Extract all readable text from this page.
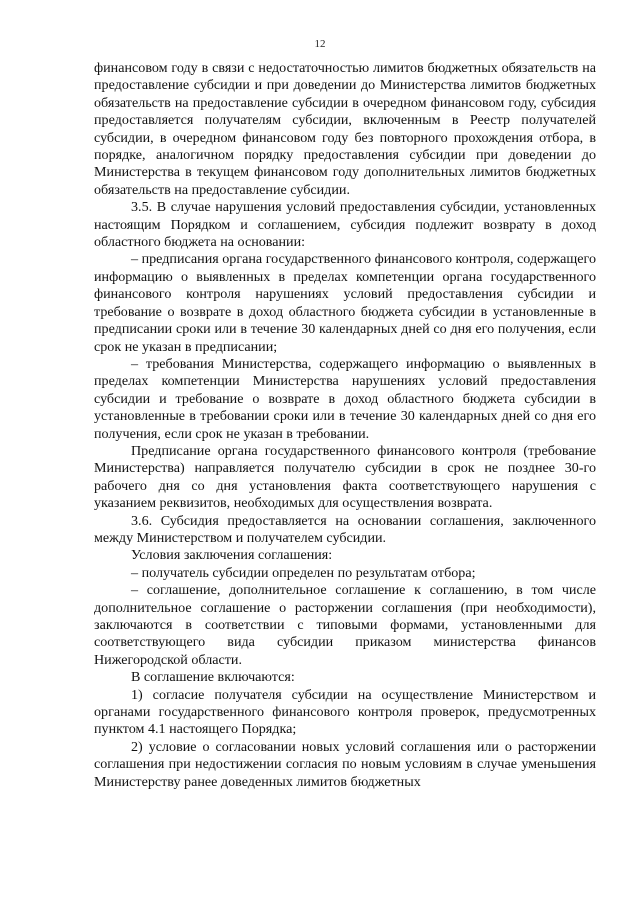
12

финансовом году в связи с недостаточностью лимитов бюджетных обязательств на предоставление субсидии и при доведении до Министерства лимитов бюджетных обязательств на предоставление субсидии в очередном финансовом году, субсидия предоставляется получателям субсидии, включенным в Реестр получателей субсидии, в очередном финансовом году без повторного прохождения отбора, в порядке, аналогичном порядку предоставления субсидии при доведении до Министерства в текущем финансовом году дополнительных лимитов бюджетных обязательств на предоставление субсидии.

3.5. В случае нарушения условий предоставления субсидии, установленных настоящим Порядком и соглашением, субсидия подлежит возврату в доход областного бюджета на основании:

– предписания органа государственного финансового контроля, содержащего информацию о выявленных в пределах компетенции органа государственного финансового контроля нарушениях условий предоставления субсидии и требование о возврате в доход областного бюджета субсидии в установленные в предписании сроки или в течение 30 календарных дней со дня его получения, если срок не указан в предписании;

– требования Министерства, содержащего информацию о выявленных в пределах компетенции Министерства нарушениях условий предоставления субсидии и требование о возврате в доход областного бюджета субсидии в установленные в требовании сроки или в течение 30 календарных дней со дня его получения, если срок не указан в требовании.

Предписание органа государственного финансового контроля (требование Министерства) направляется получателю субсидии в срок не позднее 30-го рабочего дня со дня установления факта соответствующего нарушения с указанием реквизитов, необходимых для осуществления возврата.

3.6. Субсидия предоставляется на основании соглашения, заключенного между Министерством и получателем субсидии.

Условия заключения соглашения:

– получатель субсидии определен по результатам отбора;

– соглашение, дополнительное соглашение к соглашению, в том числе дополнительное соглашение о расторжении соглашения (при необходимости), заключаются в соответствии с типовыми формами, установленными для соответствующего вида субсидии приказом министерства финансов Нижегородской области.

В соглашение включаются:

1) согласие получателя субсидии на осуществление Министерством и органами государственного финансового контроля проверок, предусмотренных пунктом 4.1 настоящего Порядка;

2) условие о согласовании новых условий соглашения или о расторжении соглашения при недостижении согласия по новым условиям в случае уменьшения Министерству ранее доведенных лимитов бюджетных
